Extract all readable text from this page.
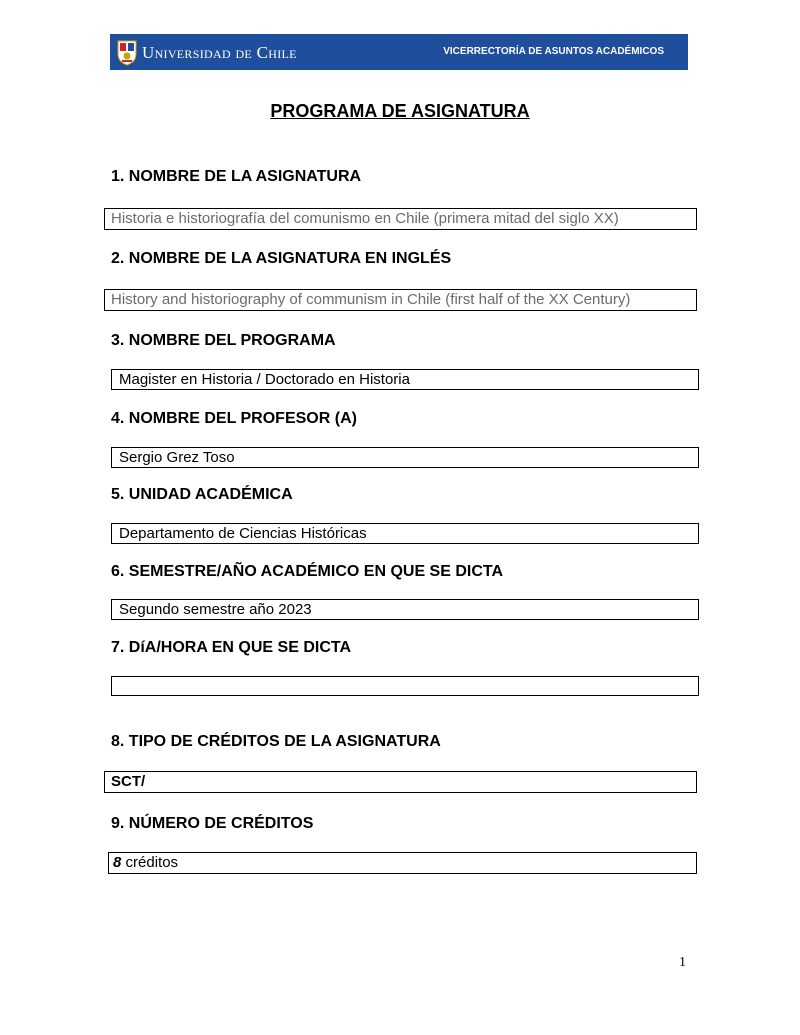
Universidad de Chile	VICERRECTORÍA DE ASUNTOS ACADÉMICOS
PROGRAMA DE ASIGNATURA
1. NOMBRE DE LA ASIGNATURA
Historia e historiografía del comunismo en Chile (primera mitad del siglo XX)
2. NOMBRE DE LA ASIGNATURA EN INGLÉS
History and historiography of communism in Chile (first half of the XX Century)
3. NOMBRE DEL PROGRAMA
Magister en Historia / Doctorado en Historia
4. NOMBRE DEL PROFESOR (A)
Sergio Grez Toso
5. UNIDAD ACADÉMICA
Departamento de Ciencias Históricas
6. SEMESTRE/AÑO ACADÉMICO EN QUE SE DICTA
Segundo semestre año 2023
7. DíA/HORA EN QUE SE DICTA
8. TIPO DE CRÉDITOS DE LA ASIGNATURA
SCT/
9. NÚMERO DE CRÉDITOS
8 créditos
1
